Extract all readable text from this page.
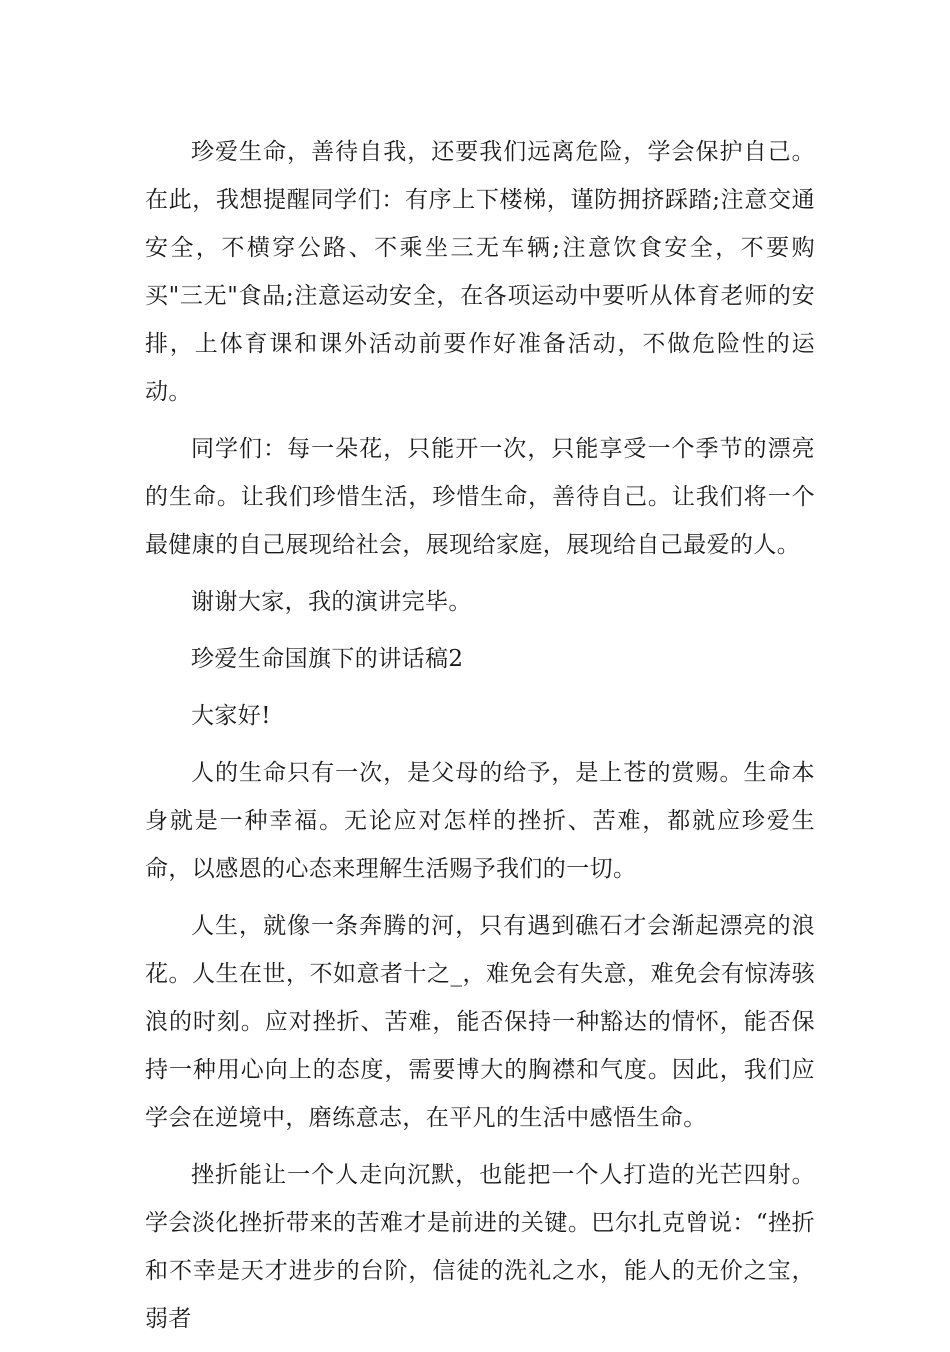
珍爱生命，善待自我，还要我们远离危险，学会保护自己。在此，我想提醒同学们：有序上下楼梯，谨防拥挤踩踏;注意交通安全，不横穿公路、不乘坐三无车辆;注意饮食安全，不要购买"三无"食品;注意运动安全，在各项运动中要听从体育老师的安排，上体育课和课外活动前要作好准备活动，不做危险性的运动。

同学们：每一朵花，只能开一次，只能享受一个季节的漂亮的生命。让我们珍惜生活，珍惜生命，善待自己。让我们将一个最健康的自己展现给社会，展现给家庭，展现给自己最爱的人。

谢谢大家，我的演讲完毕。

珍爱生命国旗下的讲话稿2

大家好!

人的生命只有一次，是父母的给予，是上苍的赏赐。生命本身就是一种幸福。无论应对怎样的挫折、苦难，都就应珍爱生命，以感恩的心态来理解生活赐予我们的一切。

人生，就像一条奔腾的河，只有遇到礁石才会渐起漂亮的浪花。人生在世，不如意者十之_，难免会有失意，难免会有惊涛骇浪的时刻。应对挫折、苦难，能否保持一种豁达的情怀，能否保持一种用心向上的态度，需要博大的胸襟和气度。因此，我们应学会在逆境中，磨练意志，在平凡的生活中感悟生命。

挫折能让一个人走向沉默，也能把一个人打造的光芒四射。学会淡化挫折带来的苦难才是前进的关键。巴尔扎克曾说：“挫折和不幸是天才进步的台阶，信徒的洗礼之水，能人的无价之宝，弱者
